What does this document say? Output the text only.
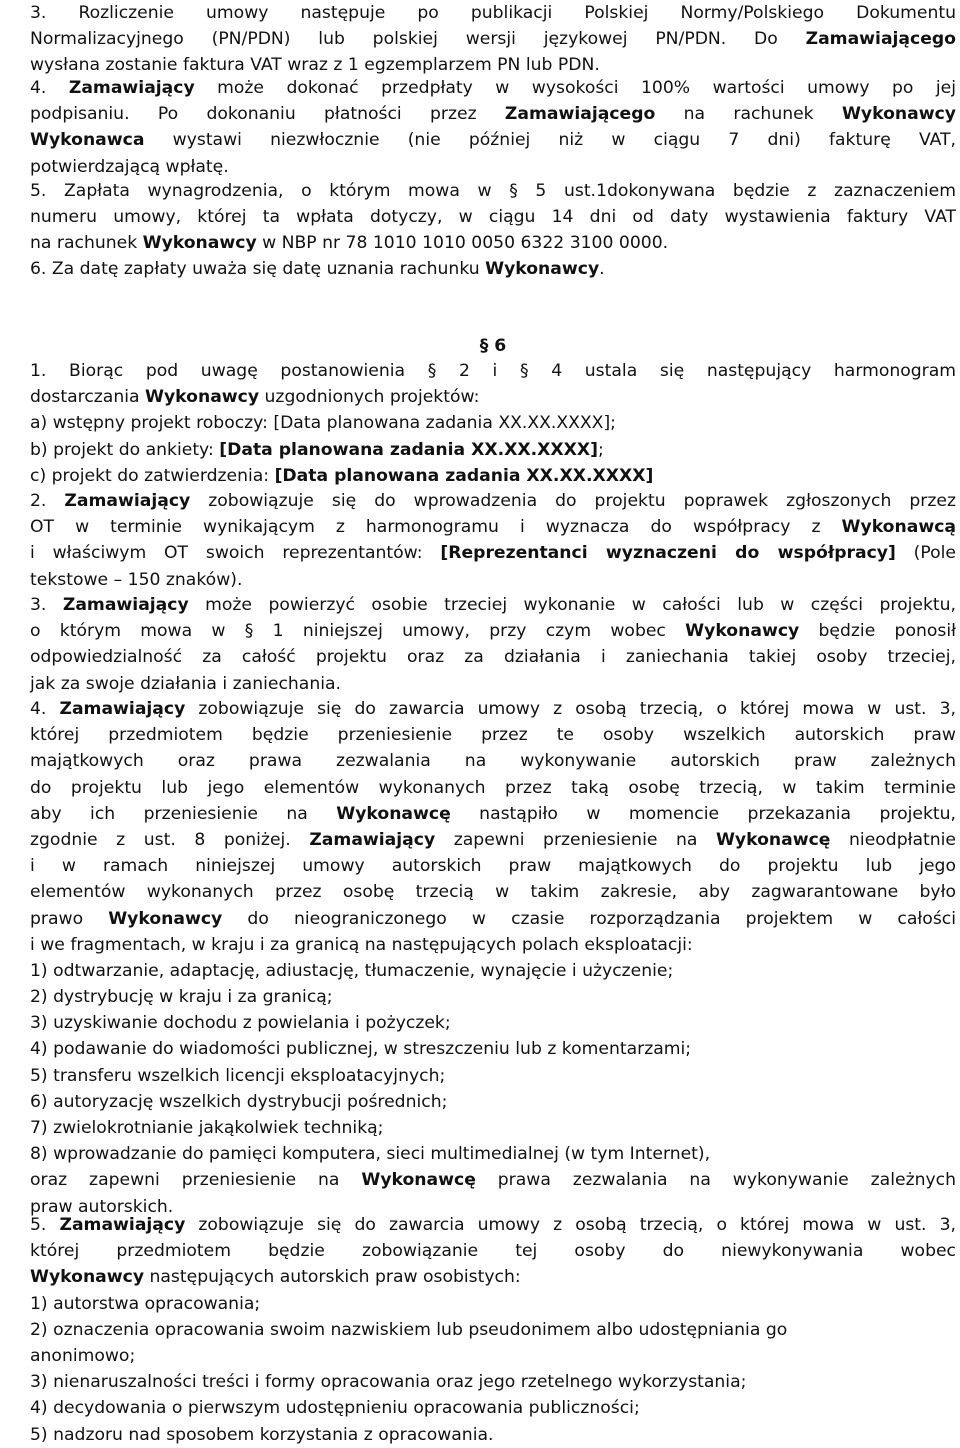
3. Rozliczenie umowy następuje po publikacji Polskiej Normy/Polskiego Dokumentu
Normalizacyjnego (PN/PDN) lub polskiej wersji językowej PN/PDN. Do Zamawiającego
wysłana zostanie faktura VAT wraz z 1 egzemplarzem PN lub PDN.
4. Zamawiający może dokonać przedpłaty w wysokości 100% wartości umowy po jej
podpisaniu. Po dokonaniu płatności przez Zamawiającego na rachunek Wykonawcy
Wykonawca wystawi niezwłocznie (nie później niż w ciągu 7 dni) fakturę VAT,
potwierdzającą wpłatę.
5. Zapłata wynagrodzenia, o którym mowa w § 5 ust.1dokonywana będzie z zaznaczeniem
numeru umowy, której ta wpłata dotyczy, w ciągu 14 dni od daty wystawienia faktury VAT
na rachunek Wykonawcy w NBP nr 78 1010 1010 0050 6322 3100 0000.
6. Za datę zapłaty uważa się datę uznania rachunku Wykonawcy.
§ 6
1. Biorąc pod uwagę postanowienia § 2 i § 4 ustala się następujący harmonogram
dostarczania Wykonawcy uzgodnionych projektów:
a) wstępny projekt roboczy: [Data planowana zadania XX.XX.XXXX];
b) projekt do ankiety: [Data planowana zadania XX.XX.XXXX];
c) projekt do zatwierdzenia: [Data planowana zadania XX.XX.XXXX]
2. Zamawiający zobowiązuje się do wprowadzenia do projektu poprawek zgłoszonych przez
OT w terminie wynikającym z harmonogramu i wyznacza do współpracy z Wykonawcą
i właściwym OT swoich reprezentantów: [Reprezentanci wyznaczeni do współpracy] (Pole
tekstowe – 150 znaków).
3. Zamawiający może powierzyć osobie trzeciej wykonanie w całości lub w części projektu,
o którym mowa w § 1 niniejszej umowy, przy czym wobec Wykonawcy będzie ponosił
odpowiedzialność za całość projektu oraz za działania i zaniechania takiej osoby trzeciej,
jak za swoje działania i zaniechania.
4. Zamawiający zobowiązuje się do zawarcia umowy z osobą trzecią, o której mowa w ust. 3,
której przedmiotem będzie przeniesienie przez te osoby wszelkich autorskich praw
majątkowych oraz prawa zezwalania na wykonywanie autorskich praw zależnych
do projektu lub jego elementów wykonanych przez taką osobę trzecią, w takim terminie
aby ich przeniesienie na Wykonawcę nastąpiło w momencie przekazania projektu,
zgodnie z ust. 8 poniżej. Zamawiający zapewni przeniesienie na Wykonawcę nieodpłatnie
i w ramach niniejszej umowy autorskich praw majątkowych do projektu lub jego
elementów wykonanych przez osobę trzecią w takim zakresie, aby zagwarantowane było
prawo Wykonawcy do nieograniczonego w czasie rozporządzania projektem w całości
i we fragmentach, w kraju i za granicą na następujących polach eksploatacji:
1) odtwarzanie, adaptację, adiustację, tłumaczenie, wynajęcie i użyczenie;
2) dystrybucję w kraju i za granicą;
3) uzyskiwanie dochodu z powielania i pożyczek;
4) podawanie do wiadomości publicznej, w streszczeniu lub z komentarzami;
5) transferu wszelkich licencji eksploatacyjnych;
6) autoryzację wszelkich dystrybucji pośrednich;
7) zwielokrotnianie jakąkolwiek techniką;
8) wprowadzanie do pamięci komputera, sieci multimedialnej (w tym Internet),
oraz zapewni przeniesienie na Wykonawcę prawa zezwalania na wykonywanie zależnych
praw autorskich.
5. Zamawiający zobowiązuje się do zawarcia umowy z osobą trzecią, o której mowa w ust. 3,
której przedmiotem będzie zobowiązanie tej osoby do niewykonywania wobec
Wykonawcy następujących autorskich praw osobistych:
1) autorstwa opracowania;
2) oznaczenia opracowania swoim nazwiskiem lub pseudonimem albo udostępniania go
anonimowo;
3) nienaruszalności treści i formy opracowania oraz jego rzetelnego wykorzystania;
4) decydowania o pierwszym udostępnieniu opracowania publiczności;
5) nadzoru nad sposobem korzystania z opracowania.
